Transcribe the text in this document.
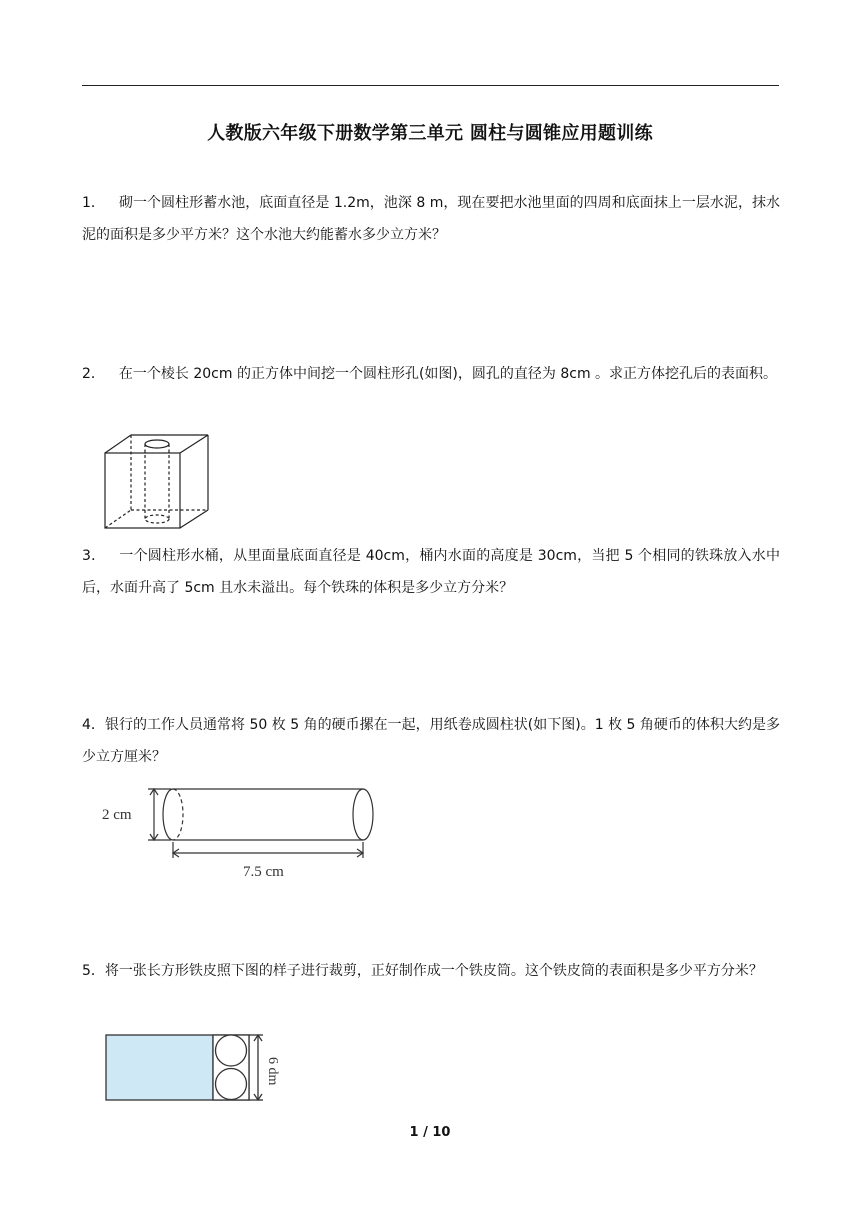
人教版六年级下册数学第三单元 圆柱与圆锥应用题训练
1． 砌一个圆柱形蓄水池，底面直径是 1.2m，池深 8 m，现在要把水池里面的四周和底面抹上一层水泥，抹水泥的面积是多少平方米？这个水池大约能蓄水多少立方米？
2． 在一个棱长 20cm 的正方体中间挖一个圆柱形孔(如图)，圆孔的直径为 8cm 。求正方体挖孔后的表面积。
3． 一个圆柱形水桶，从里面量底面直径是 40cm，桶内水面的高度是 30cm，当把 5 个相同的铁珠放入水中后，水面升高了 5cm 且水未溢出。每个铁珠的体积是多少立方分米？
4．银行的工作人员通常将 50 枚 5 角的硬币摞在一起，用纸卷成圆柱状(如下图)。1 枚 5 角硬币的体积大约是多少立方厘米？
2 cm
7.5 cm
5．将一张长方形铁皮照下图的样子进行裁剪，正好制作成一个铁皮筒。这个铁皮筒的表面积是多少平方分米？
6 dm
1 / 10
